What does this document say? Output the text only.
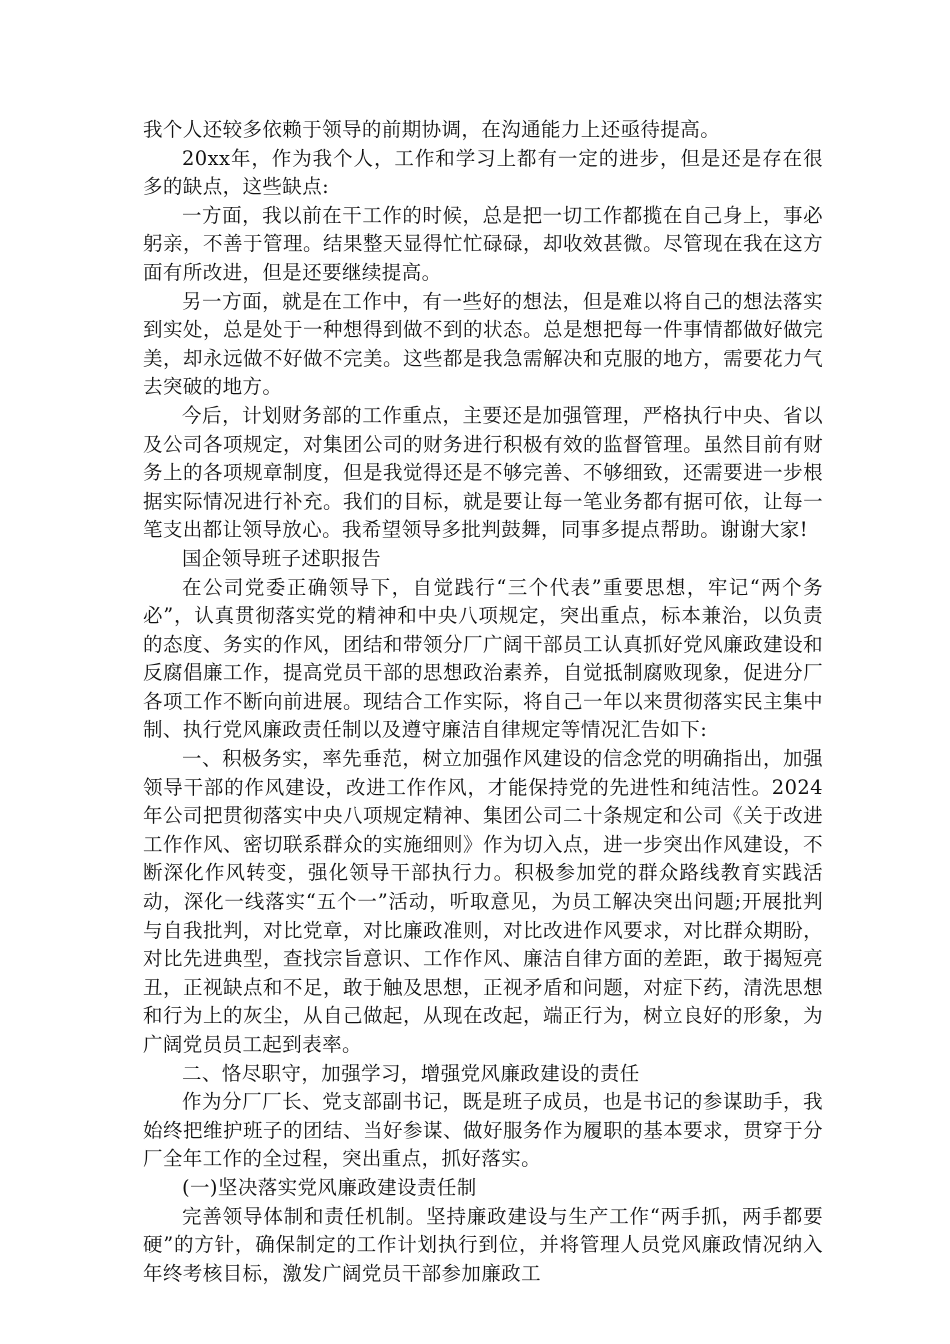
我个人还较多依赖于领导的前期协调，在沟通能力上还亟待提高。

20xx年，作为我个人，工作和学习上都有一定的进步，但是还是存在很多的缺点，这些缺点:

一方面，我以前在干工作的时候，总是把一切工作都揽在自己身上，事必躬亲，不善于管理。结果整天显得忙忙碌碌，却收效甚微。尽管现在我在这方面有所改进，但是还要继续提高。

另一方面，就是在工作中，有一些好的想法，但是难以将自己的想法落实到实处，总是处于一种想得到做不到的状态。总是想把每一件事情都做好做完美，却永远做不好做不完美。这些都是我急需解决和克服的地方，需要花力气去突破的地方。

今后，计划财务部的工作重点，主要还是加强管理，严格执行中央、省以及公司各项规定，对集团公司的财务进行积极有效的监督管理。虽然目前有财务上的各项规章制度，但是我觉得还是不够完善、不够细致，还需要进一步根据实际情况进行补充。我们的目标，就是要让每一笔业务都有据可依，让每一笔支出都让领导放心。我希望领导多批判鼓舞，同事多提点帮助。谢谢大家!

国企领导班子述职报告

在公司党委正确领导下，自觉践行“三个代表”重要思想，牢记“两个务必”，认真贯彻落实党的精神和中央八项规定，突出重点，标本兼治，以负责的态度、务实的作风，团结和带领分厂广阔干部员工认真抓好党风廉政建设和反腐倡廉工作，提高党员干部的思想政治素养，自觉抵制腐败现象，促进分厂各项工作不断向前进展。现结合工作实际，将自己一年以来贯彻落实民主集中制、执行党风廉政责任制以及遵守廉洁自律规定等情况汇告如下:

一、积极务实，率先垂范，树立加强作风建设的信念党的明确指出，加强领导干部的作风建设，改进工作作风，才能保持党的先进性和纯洁性。2024年公司把贯彻落实中央八项规定精神、集团公司二十条规定和公司《关于改进工作作风、密切联系群众的实施细则》作为切入点，进一步突出作风建设，不断深化作风转变，强化领导干部执行力。积极参加党的群众路线教育实践活动，深化一线落实“五个一”活动，听取意见，为员工解决突出问题;开展批判与自我批判，对比党章，对比廉政准则，对比改进作风要求，对比群众期盼，对比先进典型，查找宗旨意识、工作作风、廉洁自律方面的差距，敢于揭短亮丑，正视缺点和不足，敢于触及思想，正视矛盾和问题，对症下药，清洗思想和行为上的灰尘，从自己做起，从现在改起，端正行为，树立良好的形象，为广阔党员员工起到表率。

二、恪尽职守，加强学习，增强党风廉政建设的责任

作为分厂厂长、党支部副书记，既是班子成员，也是书记的参谋助手，我始终把维护班子的团结、当好参谋、做好服务作为履职的基本要求，贯穿于分厂全年工作的全过程，突出重点，抓好落实。

(一)坚决落实党风廉政建设责任制

完善领导体制和责任机制。坚持廉政建设与生产工作“两手抓，两手都要硬”的方针，确保制定的工作计划执行到位，并将管理人员党风廉政情况纳入年终考核目标，激发广阔党员干部参加廉政工
